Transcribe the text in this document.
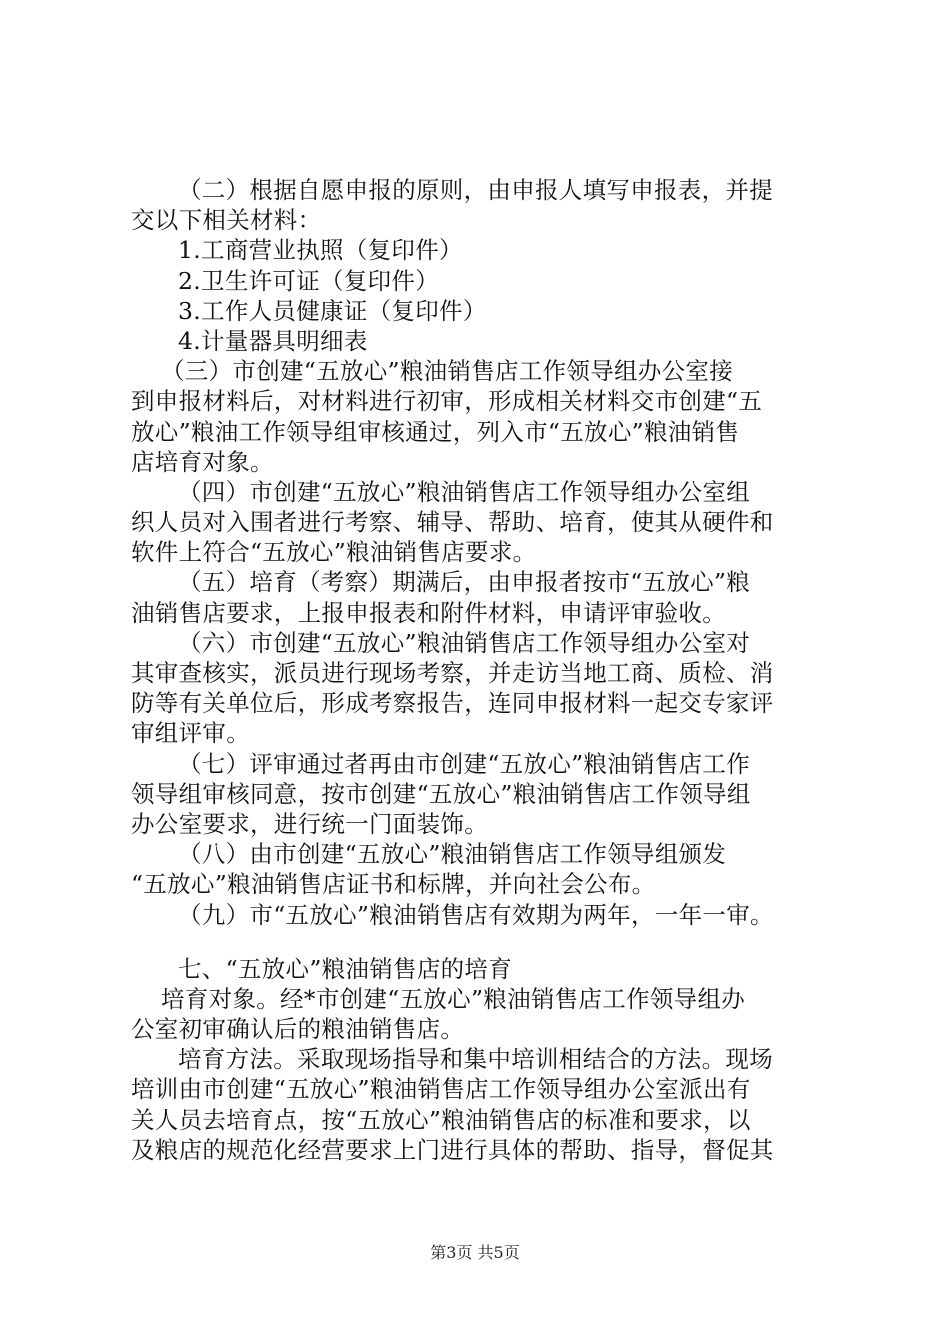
（二）根据自愿申报的原则，由申报人填写申报表，并提
交以下相关材料：
1.工商营业执照（复印件）
2.卫生许可证（复印件）
3.工作人员健康证（复印件）
4.计量器具明细表
（三）市创建“五放心”粮油销售店工作领导组办公室接
到申报材料后，对材料进行初审，形成相关材料交市创建“五
放心”粮油工作领导组审核通过，列入市“五放心”粮油销售
店培育对象。
（四）市创建“五放心”粮油销售店工作领导组办公室组
织人员对入围者进行考察、辅导、帮助、培育，使其从硬件和
软件上符合“五放心”粮油销售店要求。
（五）培育（考察）期满后，由申报者按市“五放心”粮
油销售店要求，上报申报表和附件材料，申请评审验收。
（六）市创建“五放心”粮油销售店工作领导组办公室对
其审查核实，派员进行现场考察，并走访当地工商、质检、消
防等有关单位后，形成考察报告，连同申报材料一起交专家评
审组评审。
（七）评审通过者再由市创建“五放心”粮油销售店工作
领导组审核同意，按市创建“五放心”粮油销售店工作领导组
办公室要求，进行统一门面装饰。
（八）由市创建“五放心”粮油销售店工作领导组颁发
“五放心”粮油销售店证书和标牌，并向社会公布。
（九）市“五放心”粮油销售店有效期为两年，一年一审。
七、“五放心”粮油销售店的培育
培育对象。经*市创建“五放心”粮油销售店工作领导组办
公室初审确认后的粮油销售店。
培育方法。采取现场指导和集中培训相结合的方法。现场
培训由市创建“五放心”粮油销售店工作领导组办公室派出有
关人员去培育点，按“五放心”粮油销售店的标准和要求，以
及粮店的规范化经营要求上门进行具体的帮助、指导，督促其
第3页 共5页
